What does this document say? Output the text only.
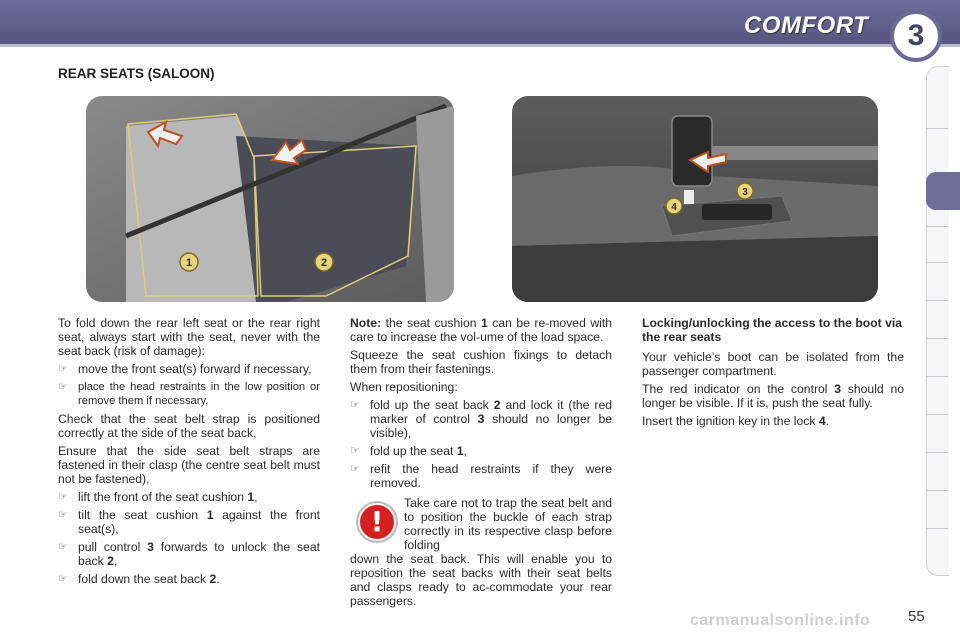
COMFORT	3
REAR SEATS (SALOON)
1	2
3
4

To fold down the rear left seat or the rear right seat, always start with the seat, never with the seat back (risk of damage):

☞ move the front seat(s) forward if necessary,
☞ place the head restraints in the low position or remove them if necessary,

Check that the seat belt strap is positioned correctly at the side of the seat back,

Ensure that the side seat belt straps are fastened in their clasp (the centre seat belt must not be fastened),

☞ lift the front of the seat cushion 1,
☞ tilt the seat cushion 1 against the front seat(s),
☞ pull control 3 forwards to unlock the seat back 2,
☞ fold down the seat back 2.

Note: the seat cushion 1 can be re-moved with care to increase the vol-ume of the load space.

Squeeze the seat cushion fixings to detach them from their fastenings.

When repositioning:

☞ fold up the seat back 2 and lock it (the red marker of control 3 should no longer be visible),
☞ fold up the seat 1,
☞ refit the head restraints if they were removed.

Take care not to trap the seat belt and to position the buckle of each strap correctly in its respective clasp before folding

down the seat back. This will enable you to reposition the seat backs with their seat belts and clasps ready to ac-commodate your rear passengers.

!

Locking/unlocking the access to the boot via the rear seats

Your vehicle’s boot can be isolated from the passenger compartment.

The red indicator on the control 3 should no longer be visible. If it is, push the seat fully.

Insert the ignition key in the lock 4.

carmanualsonline.info	55
